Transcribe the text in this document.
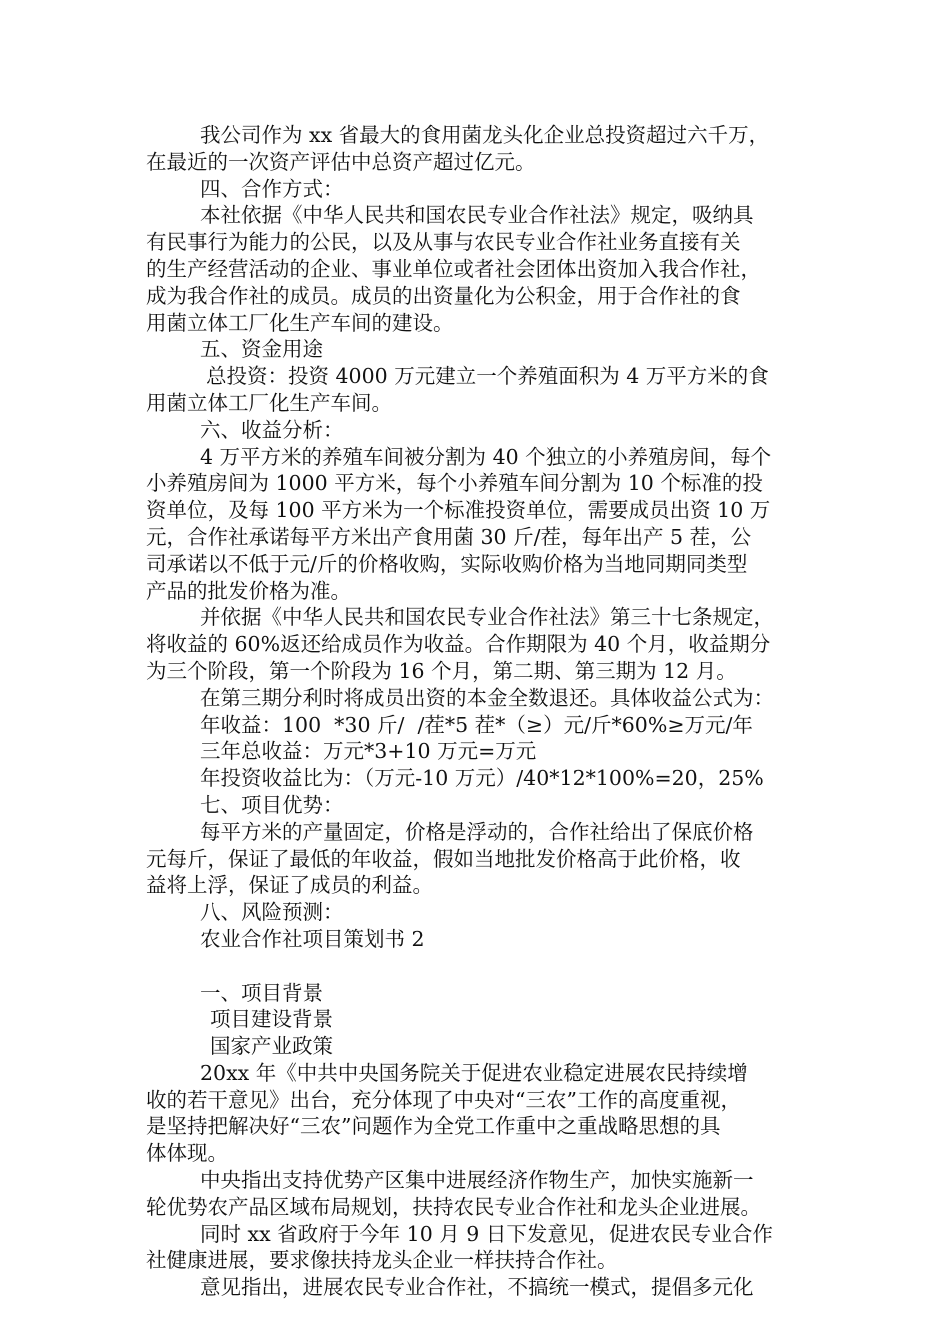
我公司作为 xx 省最大的食用菌龙头化企业总投资超过六千万，
在最近的一次资产评估中总资产超过亿元。
四、合作方式：
本社依据《中华人民共和国农民专业合作社法》规定，吸纳具
有民事行为能力的公民，以及从事与农民专业合作社业务直接有关
的生产经营活动的企业、事业单位或者社会团体出资加入我合作社，
成为我合作社的成员。成员的出资量化为公积金，用于合作社的食
用菌立体工厂化生产车间的建设。
五、资金用途
总投资：投资 4000 万元建立一个养殖面积为 4 万平方米的食
用菌立体工厂化生产车间。
六、收益分析：
4 万平方米的养殖车间被分割为 40 个独立的小养殖房间，每个
小养殖房间为 1000 平方米，每个小养殖车间分割为 10 个标准的投
资单位，及每 100 平方米为一个标准投资单位，需要成员出资 10 万
元，合作社承诺每平方米出产食用菌 30 斤/茬，每年出产 5 茬，公
司承诺以不低于元/斤的价格收购，实际收购价格为当地同期同类型
产品的批发价格为准。
并依据《中华人民共和国农民专业合作社法》第三十七条规定，
将收益的 60%返还给成员作为收益。合作期限为 40 个月，收益期分
为三个阶段，第一个阶段为 16 个月，第二期、第三期为 12 月。
在第三期分利时将成员出资的本金全数退还。具体收益公式为：
年收益：100  *30 斤/  /茬*5 茬*（≥）元/斤*60%≥万元/年
三年总收益：万元*3+10 万元=万元
年投资收益比为：（万元-10 万元）/40*12*100%=20，25%
七、项目优势：
每平方米的产量固定，价格是浮动的，合作社给出了保底价格
元每斤，保证了最低的年收益，假如当地批发价格高于此价格，收
益将上浮，保证了成员的利益。
八、风险预测：
农业合作社项目策划书 2
一、项目背景
项目建设背景
国家产业政策
20xx 年《中共中央国务院关于促进农业稳定进展农民持续增
收的若干意见》出台，充分体现了中央对“三农”工作的高度重视，
是坚持把解决好“三农”问题作为全党工作重中之重战略思想的具
体体现。
中央指出支持优势产区集中进展经济作物生产，加快实施新一
轮优势农产品区域布局规划，扶持农民专业合作社和龙头企业进展。
同时 xx 省政府于今年 10 月 9 日下发意见，促进农民专业合作
社健康进展，要求像扶持龙头企业一样扶持合作社。
意见指出，进展农民专业合作社，不搞统一模式，提倡多元化
